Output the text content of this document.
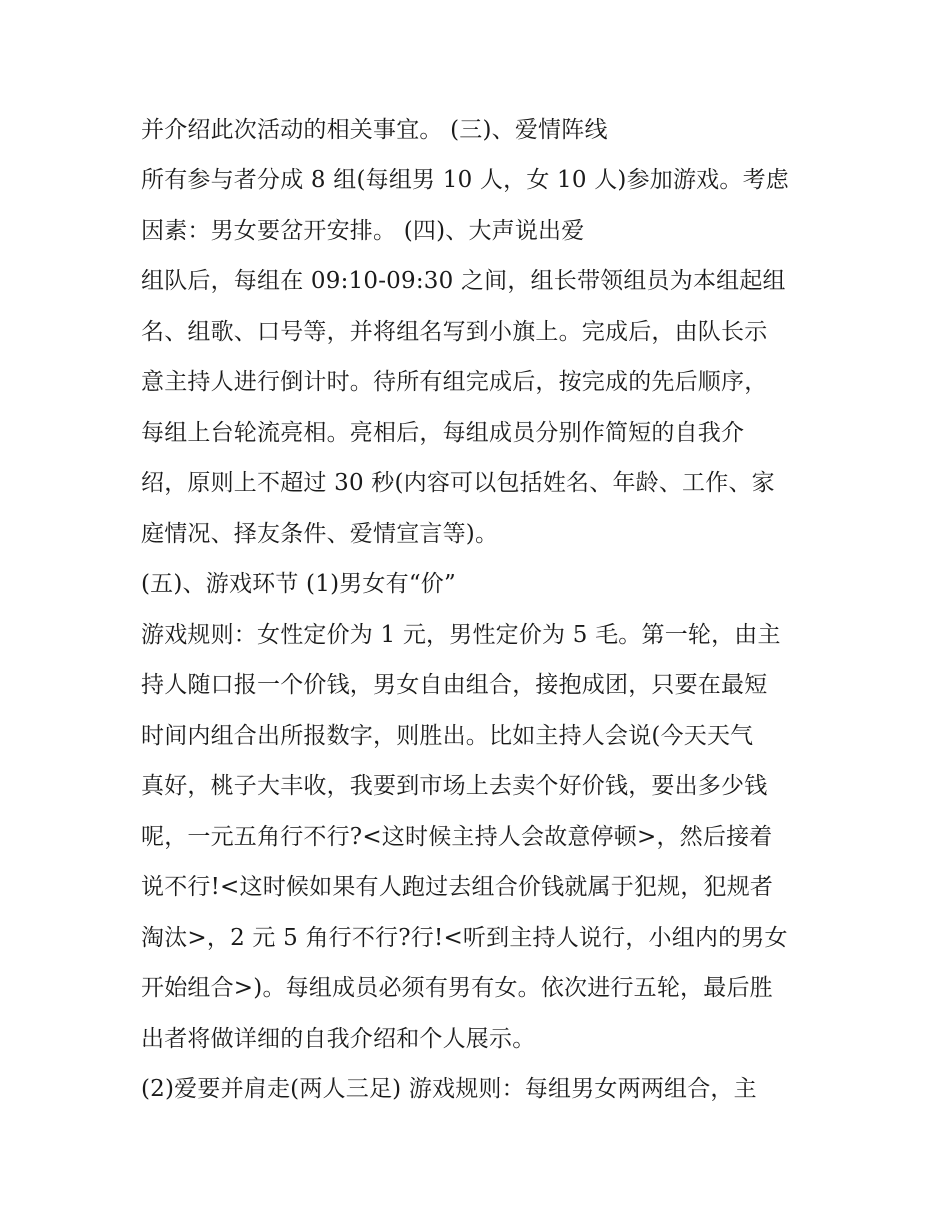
并介绍此次活动的相关事宜。 (三)、爱情阵线
所有参与者分成 8 组(每组男 10 人，女 10 人)参加游戏。考虑
因素：男女要岔开安排。 (四)、大声说出爱
组队后，每组在 09:10-09:30 之间，组长带领组员为本组起组
名、组歌、口号等，并将组名写到小旗上。完成后，由队长示
意主持人进行倒计时。待所有组完成后，按完成的先后顺序，
每组上台轮流亮相。亮相后，每组成员分别作简短的自我介
绍，原则上不超过 30 秒(内容可以包括姓名、年龄、工作、家
庭情况、择友条件、爱情宣言等)。
(五)、游戏环节 (1)男女有“价”
游戏规则：女性定价为 1 元，男性定价为 5 毛。第一轮，由主
持人随口报一个价钱，男女自由组合，接抱成团，只要在最短
时间内组合出所报数字，则胜出。比如主持人会说(今天天气
真好，桃子大丰收，我要到市场上去卖个好价钱，要出多少钱
呢，一元五角行不行?<这时候主持人会故意停顿>，然后接着
说不行!<这时候如果有人跑过去组合价钱就属于犯规，犯规者
淘汰>，2 元 5 角行不行?行!<听到主持人说行，小组内的男女
开始组合>)。每组成员必须有男有女。依次进行五轮，最后胜
出者将做详细的自我介绍和个人展示。
(2)爱要并肩走(两人三足) 游戏规则：每组男女两两组合，主
